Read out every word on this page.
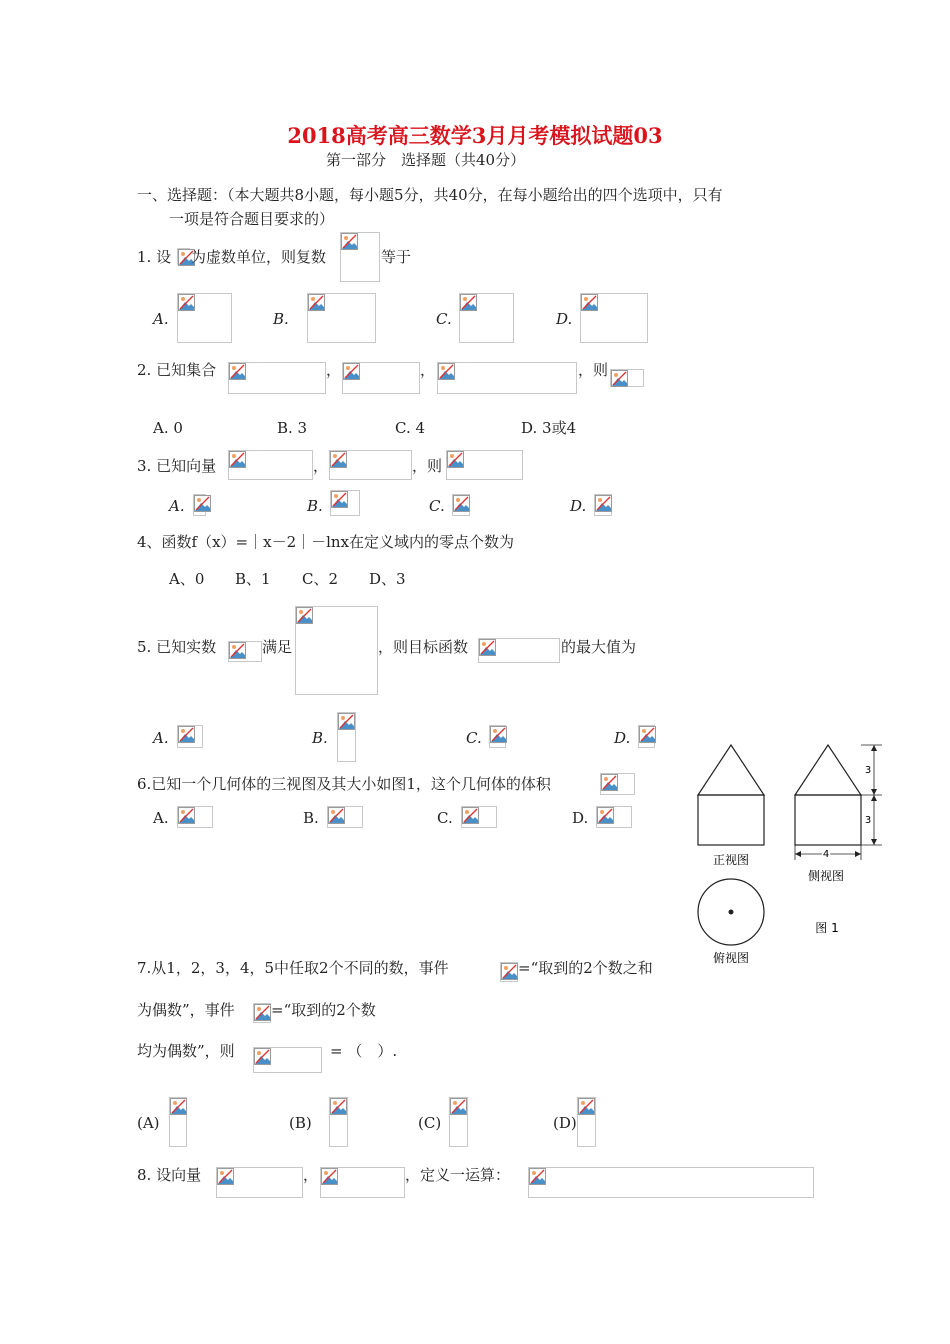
2018高考高三数学3月月考模拟试题03
第一部分　选择题（共40分）
一、选择题：（本大题共8小题，每小题5分，共40分，在每小题给出的四个选项中，只有
一项是符合题目要求的）
1. 设 为虚数单位，则复数	等于
A.	B.	C.	D.
2. 已知集合	，	，	，则
A. 0	B. 3	C. 4	D. 3或4
3. 已知向量	，	，则
A.	B.	C.	D.
4、函数f（x）=｜x－2｜－lnx在定义域内的零点个数为
A、0 B、1 C、2 D、3
5. 已知实数	满足	，则目标函数	的最大值为
A.	B.	C.	D.
6.已知一个几何体的三视图及其大小如图1，这个几何体的体积
A.	B.	C.	D.
正视图
3
3
4
侧视图
俯视图
图 1
7.从1，2，3，4，5中任取2个不同的数，事件	=“取到的2个数之和
为偶数”，事件 =“取到的2个数
均为偶数”，则	= （　）.
(A)	(B)	(C)	(D)
8. 设向量	，	，定义一运算：
